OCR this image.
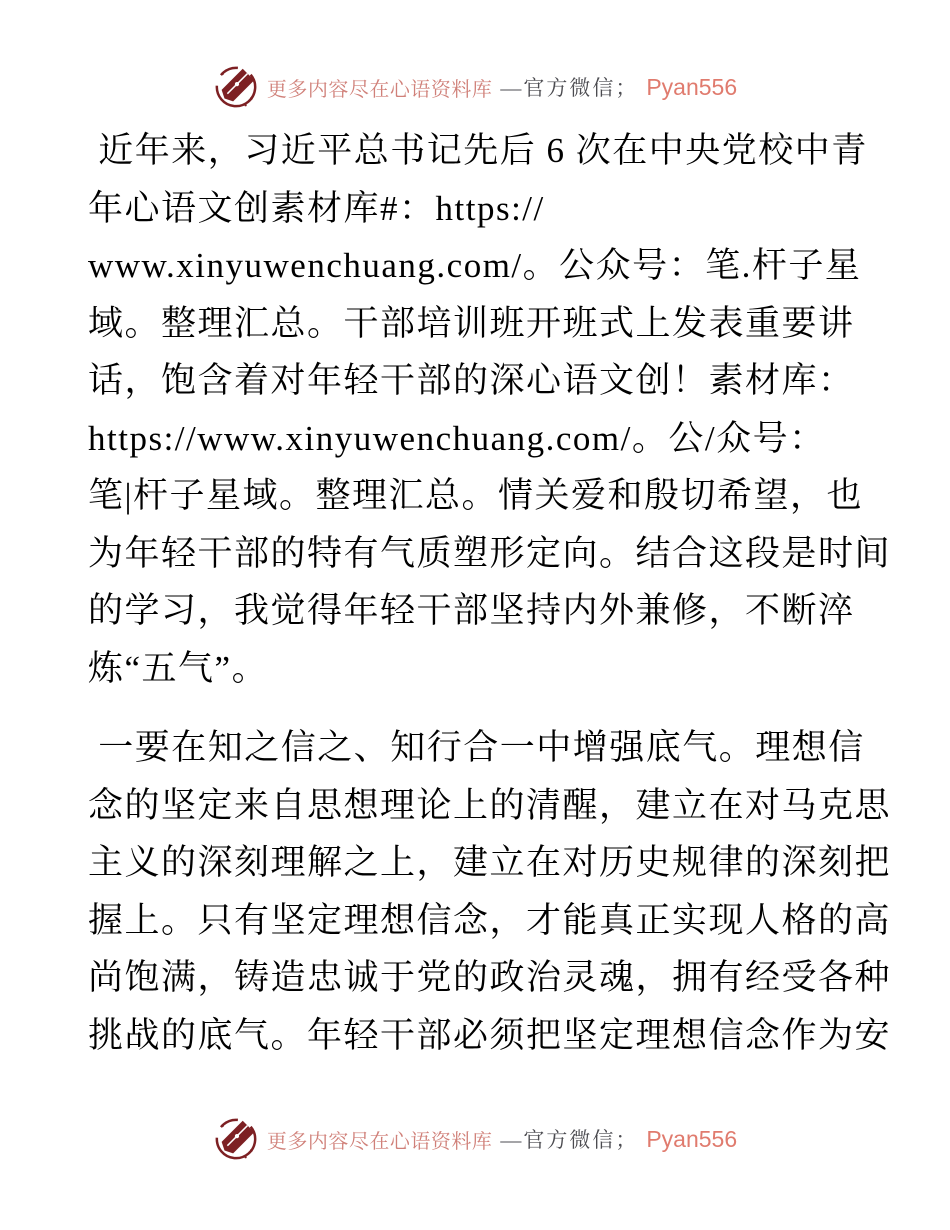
更多内容尽在心语资料库 —官方微信； Pyan556
近年来，习近平总书记先后 6 次在中央党校中青
年心语文创素材库#：https://
www.xinyuwenchuang.com/。公众号：笔.杆子星
域。整理汇总。干部培训班开班式上发表重要讲
话，饱含着对年轻干部的深心语文创！素材库：
https://www.xinyuwenchuang.com/。公/众号：
笔|杆子星域。整理汇总。情关爱和殷切希望，也
为年轻干部的特有气质塑形定向。结合这段是时间
的学习，我觉得年轻干部坚持内外兼修，不断淬
炼“五气”。
一要在知之信之、知行合一中增强底气。理想信
念的坚定来自思想理论上的清醒，建立在对马克思
主义的深刻理解之上，建立在对历史规律的深刻把
握上。只有坚定理想信念，才能真正实现人格的高
尚饱满，铸造忠诚于党的政治灵魂，拥有经受各种
挑战的底气。年轻干部必须把坚定理想信念作为安
更多内容尽在心语资料库 —官方微信； Pyan556
